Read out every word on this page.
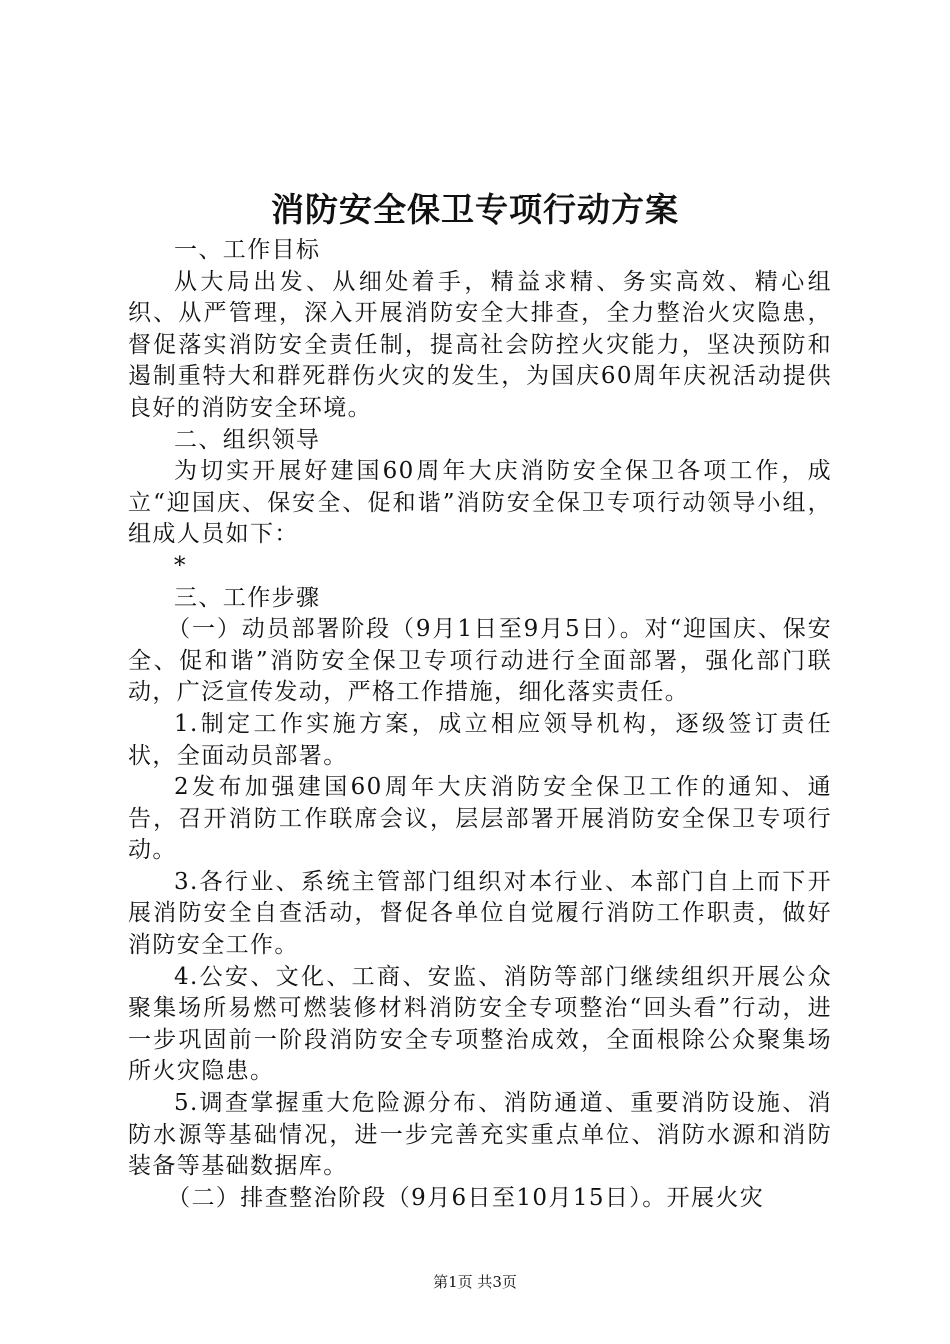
消防安全保卫专项行动方案

一、工作目标

从大局出发、从细处着手，精益求精、务实高效、精心组织、从严管理，深入开展消防安全大排查，全力整治火灾隐患，督促落实消防安全责任制，提高社会防控火灾能力，坚决预防和遏制重特大和群死群伤火灾的发生，为国庆60周年庆祝活动提供良好的消防安全环境。

二、组织领导

为切实开展好建国60周年大庆消防安全保卫各项工作，成立“迎国庆、保安全、促和谐”消防安全保卫专项行动领导小组，组成人员如下：

*

三、工作步骤

（一）动员部署阶段（9月1日至9月5日）。对“迎国庆、保安全、促和谐”消防安全保卫专项行动进行全面部署，强化部门联动，广泛宣传发动，严格工作措施，细化落实责任。

1.制定工作实施方案，成立相应领导机构，逐级签订责任状，全面动员部署。

2发布加强建国60周年大庆消防安全保卫工作的通知、通告，召开消防工作联席会议，层层部署开展消防安全保卫专项行动。

3.各行业、系统主管部门组织对本行业、本部门自上而下开展消防安全自查活动，督促各单位自觉履行消防工作职责，做好消防安全工作。

4.公安、文化、工商、安监、消防等部门继续组织开展公众聚集场所易燃可燃装修材料消防安全专项整治“回头看”行动，进一步巩固前一阶段消防安全专项整治成效，全面根除公众聚集场所火灾隐患。

5.调查掌握重大危险源分布、消防通道、重要消防设施、消防水源等基础情况，进一步完善充实重点单位、消防水源和消防装备等基础数据库。

（二）排查整治阶段（9月6日至10月15日）。开展火灾

第1页 共3页
